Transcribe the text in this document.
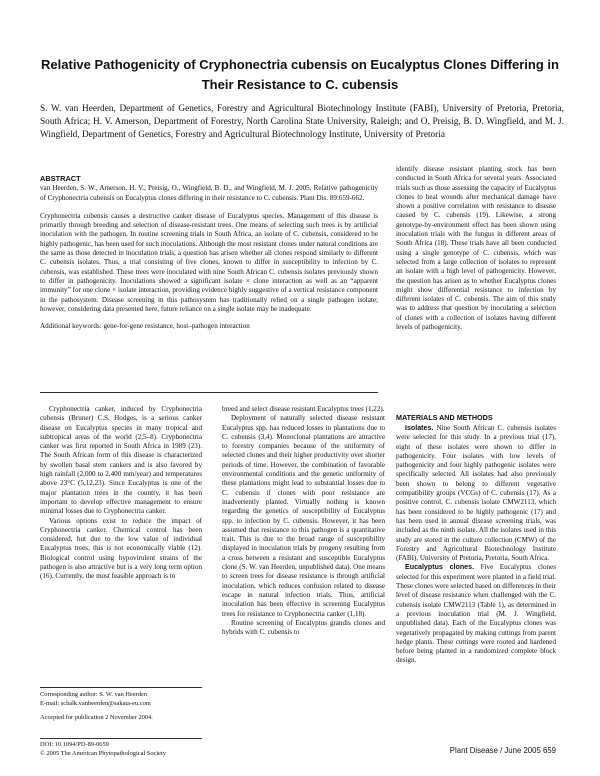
Relative Pathogenicity of Cryphonectria cubensis on Eucalyptus Clones Differing in Their Resistance to C. cubensis
S. W. van Heerden, Department of Genetics, Forestry and Agricultural Biotechnology Institute (FABI), University of Pretoria, Pretoria, South Africa; H. V. Amerson, Department of Forestry, North Carolina State University, Raleigh; and O. Preisig, B. D. Wingfield, and M. J. Wingfield, Department of Genetics, Forestry and Agricultural Biotechnology Institute, University of Pretoria
ABSTRACT

van Heerden, S. W., Amerson, H. V., Preisig, O., Wingfield, B. D., and Wingfield, M. J. 2005. Relative pathogenicity of Cryphonectria cubensis on Eucalyptus clones differing in their resistance to C. cubensis. Plant Dis. 89:659-662.

Cryphonectria cubensis causes a destructive canker disease of Eucalyptus species. Management of this disease is primarily through breeding and selection of disease-resistant trees. One means of selecting such trees is by artificial inoculation with the pathogen. In routine screening trials in South Africa, an isolate of C. cubensis, considered to be highly pathogenic, has been used for such inoculations. Although the most resistant clones under natural conditions are the same as those detected in inoculation trials, a question has arisen whether all clones respond similarly to different C. cubensis isolates. Thus, a trial consisting of five clones, known to differ in susceptibility to infection by C. cubensis, was established. These trees were inoculated with nine South African C. cubensis isolates previously shown to differ in pathogenicity. Inoculations showed a significant isolate × clone interaction as well as an “apparent immunity” for one clone × isolate interaction, providing evidence highly suggestive of a vertical resistance component in the pathosystem. Disease screening in this pathosystem has traditionally relied on a single pathogen isolate; however, considering data presented here, future reliance on a single isolate may be inadequate.

Additional keywords: gene-for-gene resistance, host–pathogen interaction

identify disease resistant planting stock has been conducted in South Africa for several years. Associated trials such as those assessing the capacity of Eucalyptus clones to heal wounds after mechanical damage have shown a positive correlation with resistance to disease caused by C. cubensis (19). Likewise, a strong genotype-by-environment effect has been shown using inoculation trials with the fungus in different areas of South Africa (18). These trials have all been conducted using a single genotype of C. cubensis, which was selected from a large collection of isolates to represent an isolate with a high level of pathogenicity. However, the question has arisen as to whether Eucalyptus clones might show differential resistance to infection by different isolates of C. cubensis. The aim of this study was to address that question by inoculating a selection of clones with a collection of isolates having different levels of pathogenicity.

Cryphonectria canker, induced by Cryphonectria cubensis (Bruner) C.S. Hodges, is a serious canker disease on Eucalyptus species in many tropical and subtropical areas of the world (2,5–8). Cryphonectria canker was first reported in South Africa in 1989 (23). The South African form of this disease is characterized by swollen basal stem cankers and is also favored by high rainfall (2,000 to 2,400 mm/year) and temperatures above 23°C (5,12,23). Since Eucalyptus is one of the major plantation trees in the country, it has been important to develop effective management to ensure minimal losses due to Cryphonectria canker.

Various options exist to reduce the impact of Cryphonectria canker. Chemical control has been considered, but due to the low value of individual Eucalyptus trees, this is not economically viable (12). Biological control using hypovirulent strains of the pathogen is also attractive but is a very long term option (16). Currently, the most feasible approach is to

breed and select disease resistant Eucalyptus trees (1,22).

Deployment of naturally selected disease resistant Eucalyptus spp. has reduced losses in plantations due to C. cubensis (3,4). Monoclonal plantations are attractive to forestry companies because of the uniformity of selected clones and their higher productivity over shorter periods of time. However, the combination of favorable environmental conditions and the genetic uniformity of these plantations might lead to substantial losses due to C. cubensis if clones with poor resistance are inadvertently planted. Virtually nothing is known regarding the genetics of susceptibility of Eucalyptus spp. to infection by C. cubensis. However, it has been assumed that resistance to this pathogen is a quantitative trait. This is due to the broad range of susceptibility displayed in inoculation trials by progeny resulting from a cross between a resistant and susceptible Eucalyptus clone (S. W. van Heerden, unpublished data). One means to screen trees for disease resistance is through artificial inoculation, which reduces confusion related to disease escape in natural infection trials. Thus, artificial inoculation has been effective in screening Eucalyptus trees for resistance to Cryphonectria canker (1,18).

Routine screening of Eucalyptus grandis clones and hybrids with C. cubensis to

MATERIALS AND METHODS

Isolates. Nine South African C. cubensis isolates were selected for this study. In a previous trial (17), eight of these isolates were shown to differ in pathogenicity. Four isolates with low levels of pathogenicity and four highly pathogenic isolates were specifically selected. All isolates had also previously been shown to belong to different vegetative compatibility groups (VCGs) of C. cubensis (17). As a positive control, C. cubensis isolate CMW2113, which has been considered to be highly pathogenic (17) and has been used in annual disease screening trials, was included as the ninth isolate. All the isolates used in this study are stored in the culture collection (CMW) of the Forestry and Agricultural Biotechnology Institute (FABI), University of Pretoria, Pretoria, South Africa.

Eucalyptus clones. Five Eucalyptus clones selected for this experiment were planted in a field trial. These clones were selected based on differences in their level of disease resistance when challenged with the C. cubensis isolate CMW2113 (Table 1), as determined in a previous inoculation trial (M. J. Wingfield, unpublished data). Each of the Eucalyptus clones was vegetatively propagated by making cuttings from parent hedge plants. These cuttings were rooted and hardened before being planted in a randomized complete block design.

Corresponding author: S. W. van Heerden
E-mail: schalk.vanheerden@sakata-eu.com
Accepted for publication 2 November 2004.
DOI: 10.1094/PD-89-0659
© 2005 The American Phytopathological Society	Plant Disease / June 2005 659
